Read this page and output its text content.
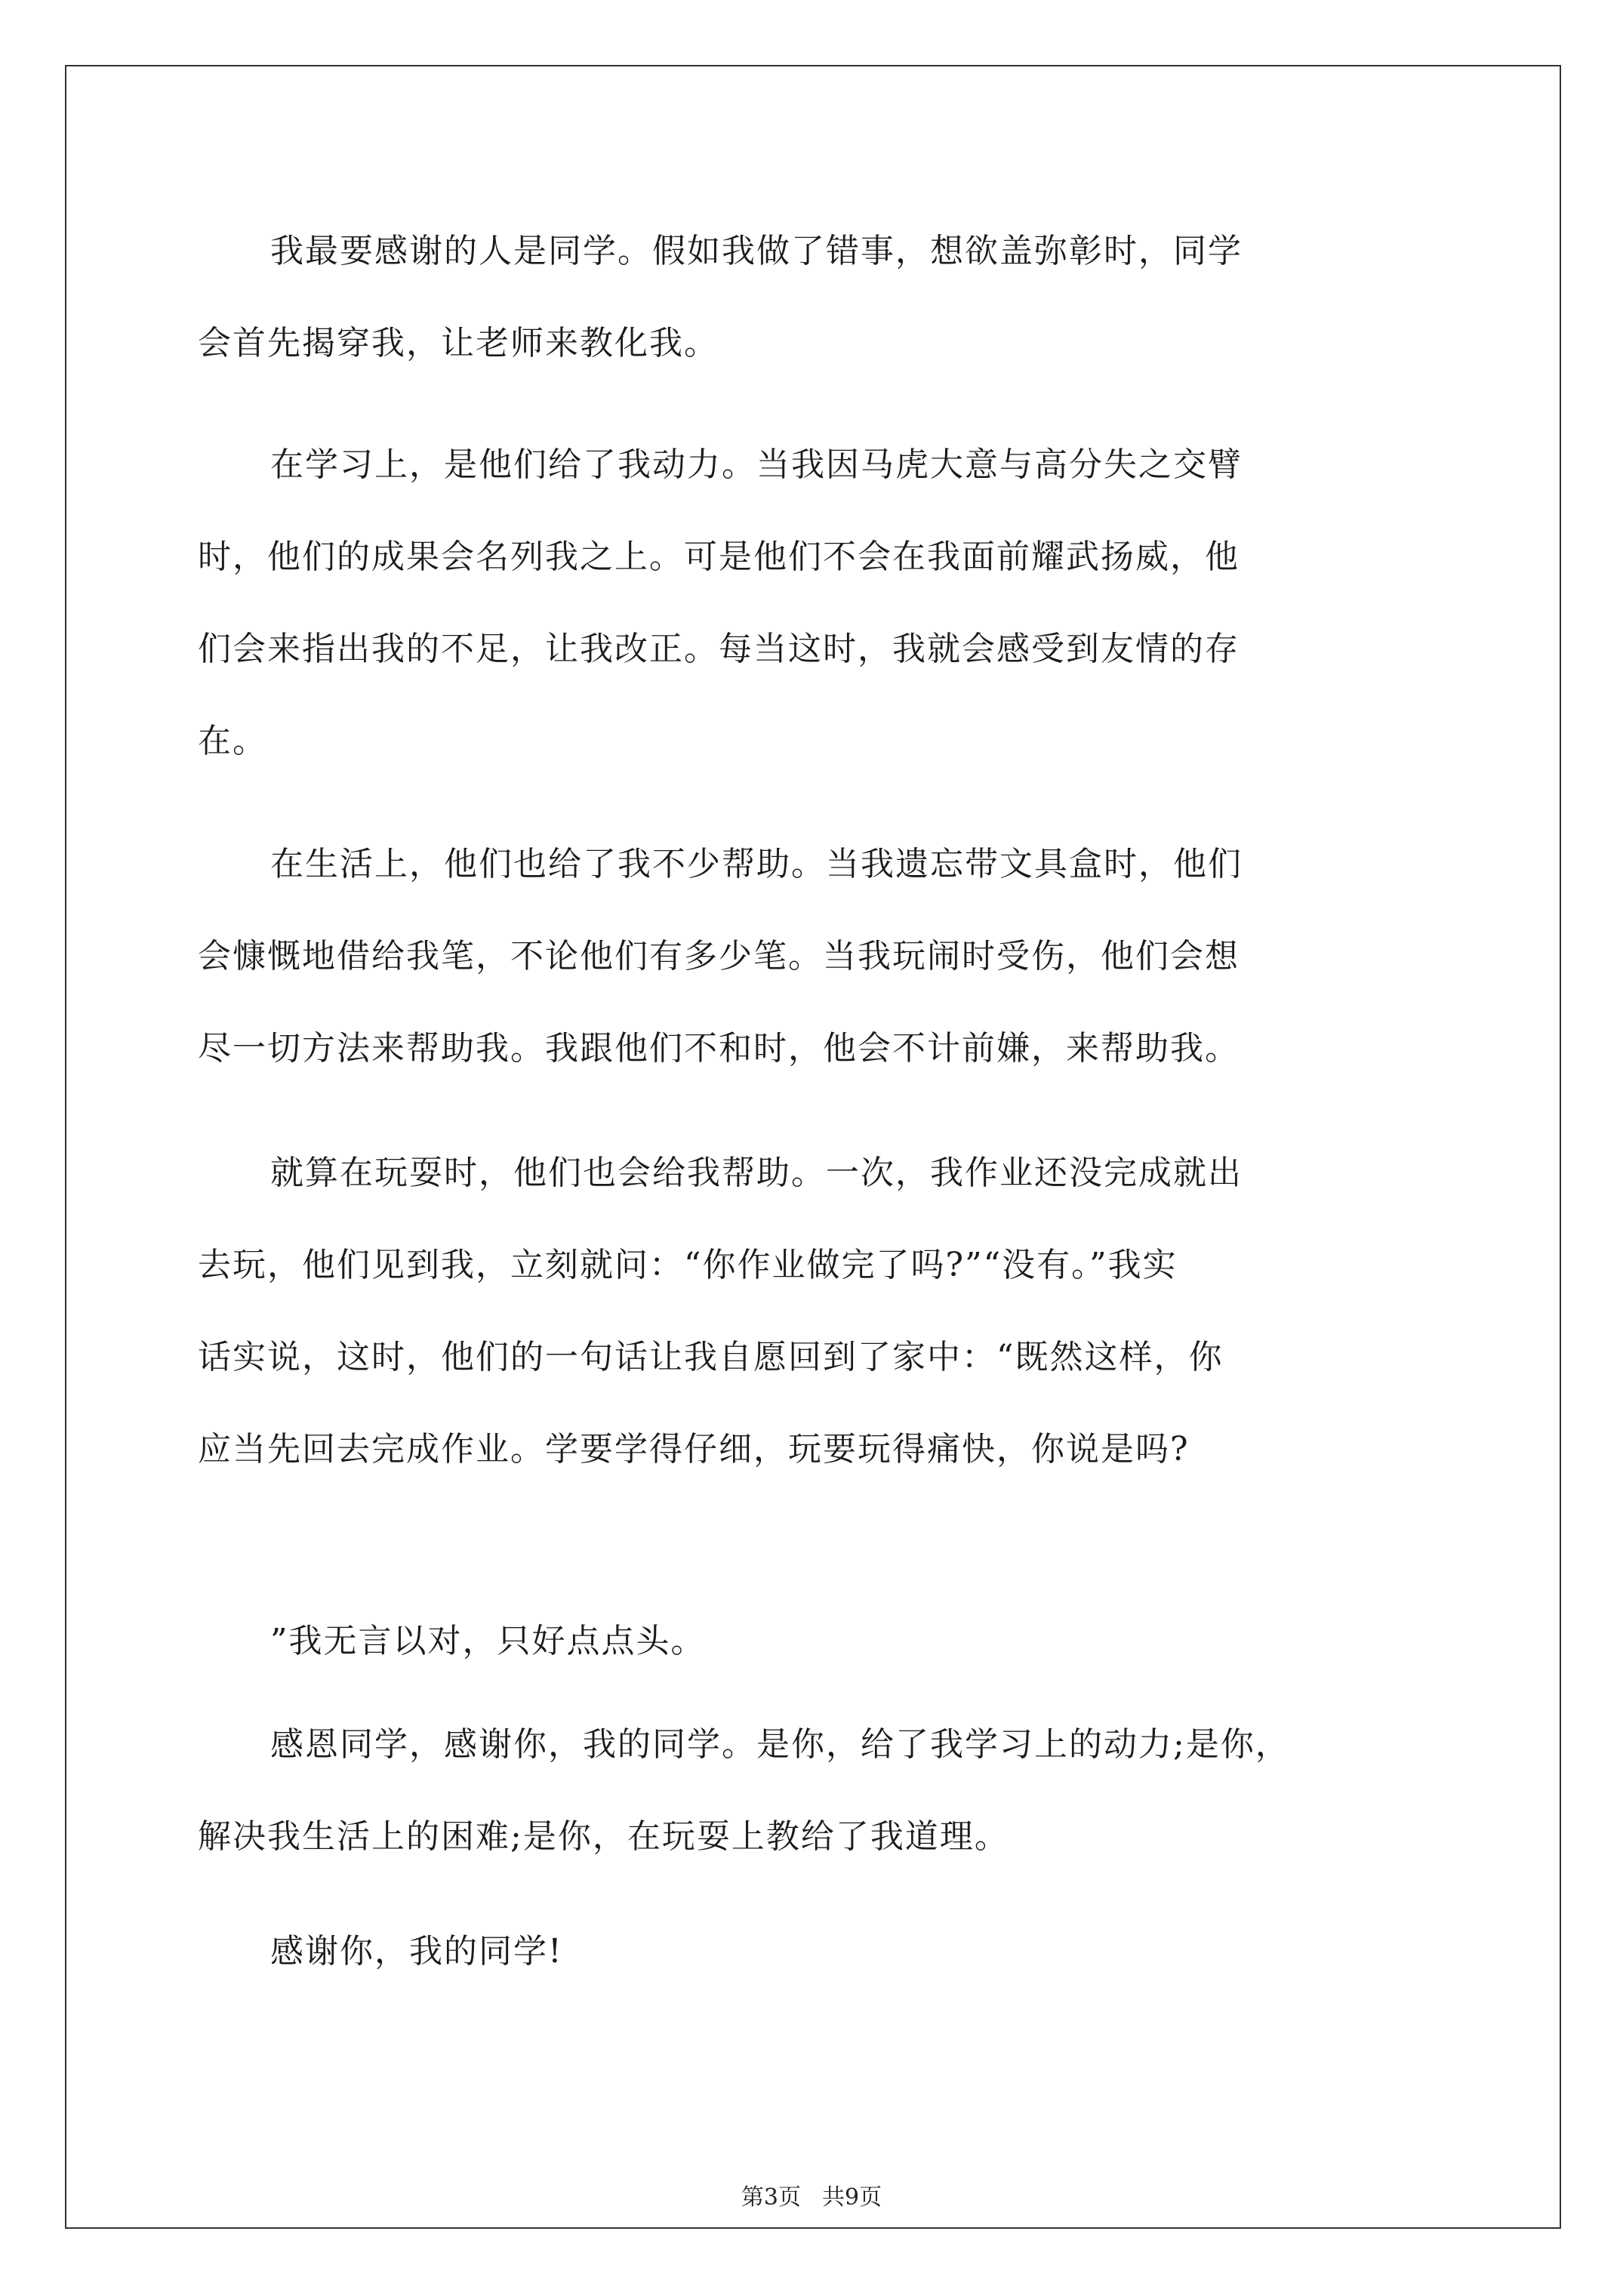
我最要感谢的人是同学。假如我做了错事，想欲盖弥彰时，同学
会首先揭穿我，让老师来教化我。

在学习上，是他们给了我动力。当我因马虎大意与高分失之交臂
时，他们的成果会名列我之上。可是他们不会在我面前耀武扬威，他
们会来指出我的不足，让我改正。每当这时，我就会感受到友情的存
在。

在生活上，他们也给了我不少帮助。当我遗忘带文具盒时，他们
会慷慨地借给我笔，不论他们有多少笔。当我玩闹时受伤，他们会想
尽一切方法来帮助我。我跟他们不和时，他会不计前嫌，来帮助我。

就算在玩耍时，他们也会给我帮助。一次，我作业还没完成就出
去玩，他们见到我，立刻就问：“你作业做完了吗?”“没有。”我实
话实说，这时，他们的一句话让我自愿回到了家中：“既然这样，你
应当先回去完成作业。学要学得仔细，玩要玩得痛快，你说是吗?

”我无言以对，只好点点头。

感恩同学，感谢你，我的同学。是你，给了我学习上的动力;是你，
解决我生活上的困难;是你，在玩耍上教给了我道理。

感谢你，我的同学!

第3页 共9页
